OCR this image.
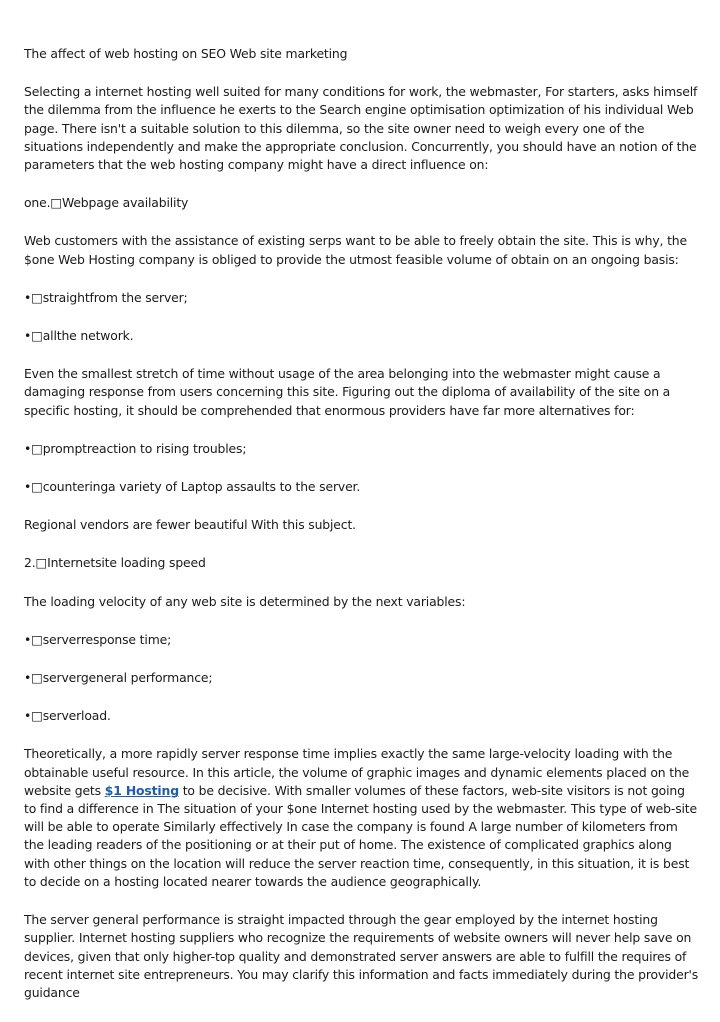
The affect of web hosting on SEO Web site marketing

Selecting a internet hosting well suited for many conditions for work, the webmaster, For starters, asks himself the dilemma from the influence he exerts to the Search engine optimisation optimization of his individual Web page. There isn't a suitable solution to this dilemma, so the site owner need to weigh every one of the situations independently and make the appropriate conclusion. Concurrently, you should have an notion of the parameters that the web hosting company might have a direct influence on:

one.□Webpage availability

Web customers with the assistance of existing serps want to be able to freely obtain the site. This is why, the $one Web Hosting company is obliged to provide the utmost feasible volume of obtain on an ongoing basis:

•□straightfrom the server;

•□allthe network.

Even the smallest stretch of time without usage of the area belonging into the webmaster might cause a damaging response from users concerning this site. Figuring out the diploma of availability of the site on a specific hosting, it should be comprehended that enormous providers have far more alternatives for:

•□promptreaction to rising troubles;

•□counteringa variety of Laptop assaults to the server.

Regional vendors are fewer beautiful With this subject.

2.□Internetsite loading speed

The loading velocity of any web site is determined by the next variables:

•□serverresponse time;

•□servergeneral performance;

•□serverload.

Theoretically, a more rapidly server response time implies exactly the same large-velocity loading with the obtainable useful resource. In this article, the volume of graphic images and dynamic elements placed on the website gets $1 Hosting to be decisive. With smaller volumes of these factors, web-site visitors is not going to find a difference in The situation of your $one Internet hosting used by the webmaster. This type of web-site will be able to operate Similarly effectively In case the company is found A large number of kilometers from the leading readers of the positioning or at their put of home. The existence of complicated graphics along with other things on the location will reduce the server reaction time, consequently, in this situation, it is best to decide on a hosting located nearer towards the audience geographically.

The server general performance is straight impacted through the gear employed by the internet hosting supplier. Internet hosting suppliers who recognize the requirements of website owners will never help save on devices, given that only higher-top quality and demonstrated server answers are able to fulfill the requires of recent internet site entrepreneurs. You may clarify this information and facts immediately during the provider's guidance
